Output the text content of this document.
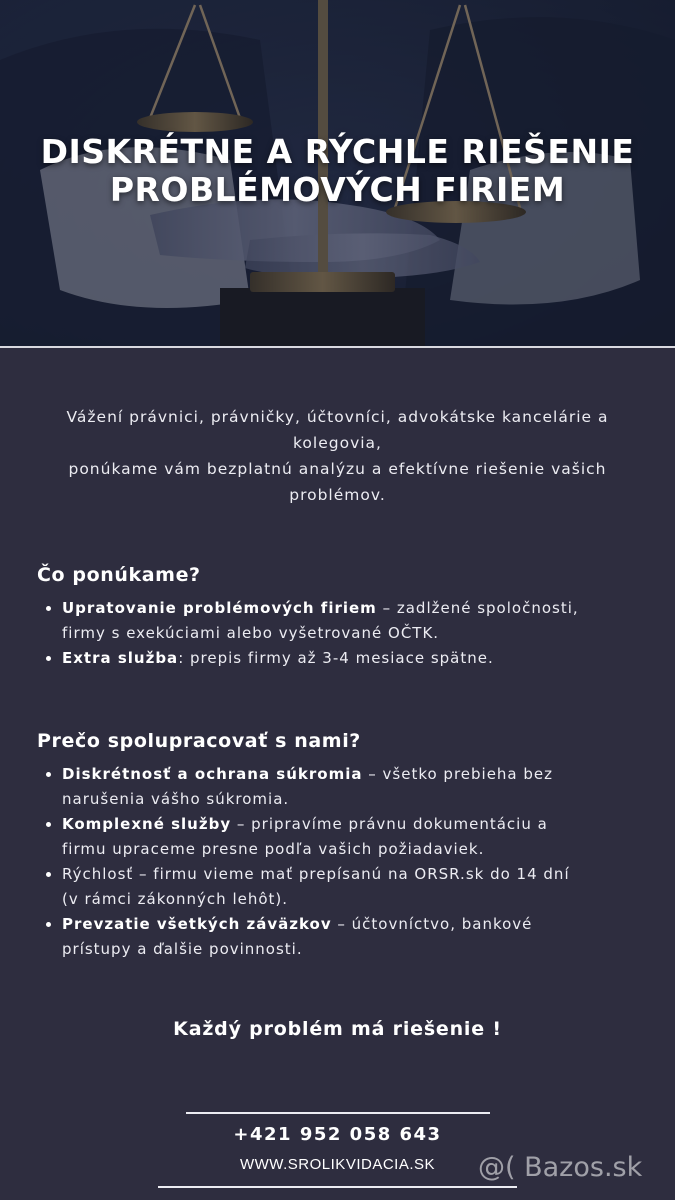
DISKRÉTNE A RÝCHLE RIEŠENIE
PROBLÉMOVÝCH FIRIEM
Vážení právnici, právničky, účtovníci, advokátske kancelárie a
kolegovia,
ponúkame vám bezplatnú analýzu a efektívne riešenie vašich
problémov.
Čo ponúkame?
Upratovanie problémových firiem – zadlžené spoločnosti,
firmy s exekúciami alebo vyšetrované OČTK.
Extra služba: prepis firmy až 3-4 mesiace spätne.
Prečo spolupracovať s nami?
Diskrétnosť a ochrana súkromia – všetko prebieha bez
narušenia vášho súkromia.
Komplexné služby – pripravíme právnu dokumentáciu a
firmu upraceme presne podľa vašich požiadaviek.
Rýchlosť – firmu vieme mať prepísanú na ORSR.sk do 14 dní
(v rámci zákonných lehôt).
Prevzatie všetkých záväzkov – účtovníctvo, bankové
prístupy a ďalšie povinnosti.
Každý problém má riešenie !
+421 952 058 643
WWW.SROLIKVIDACIA.SK	@( Bazos.sk
